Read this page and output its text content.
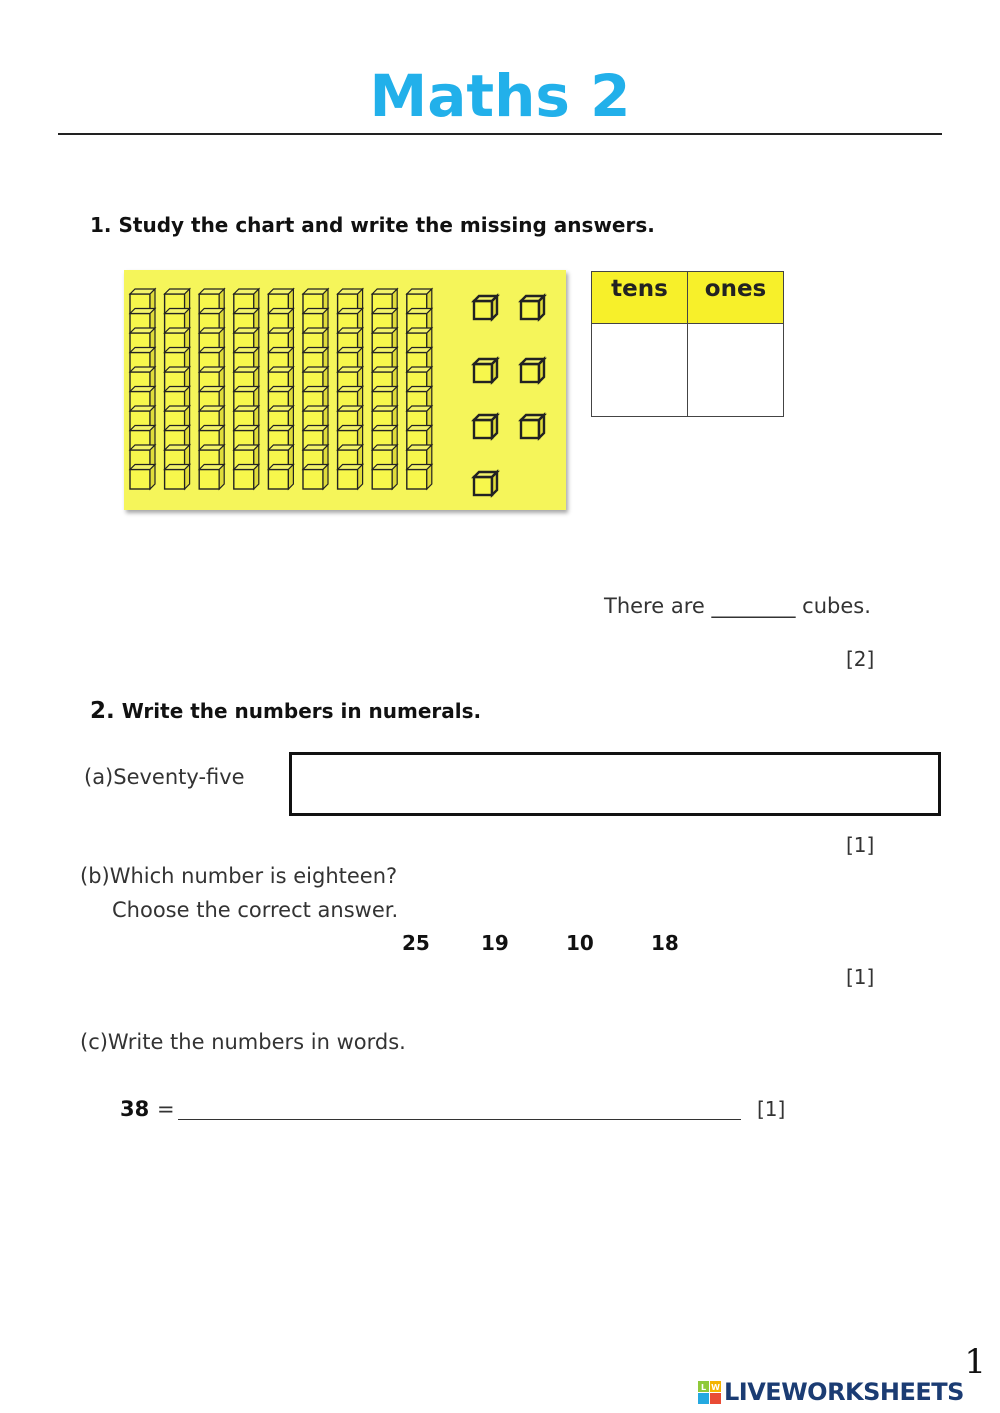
Maths 2
1. Study the chart and write the missing answers.
tens	ones

There are ________ cubes.
[2]
2. Write the numbers in numerals.
(a)Seventy-five
[1]
(b)Which number is eighteen?
Choose the correct answer.
25	19	10	18
[1]
(c)Write the numbers in words.
38 =	[1]
1
L W LIVEWORKSHEETS
